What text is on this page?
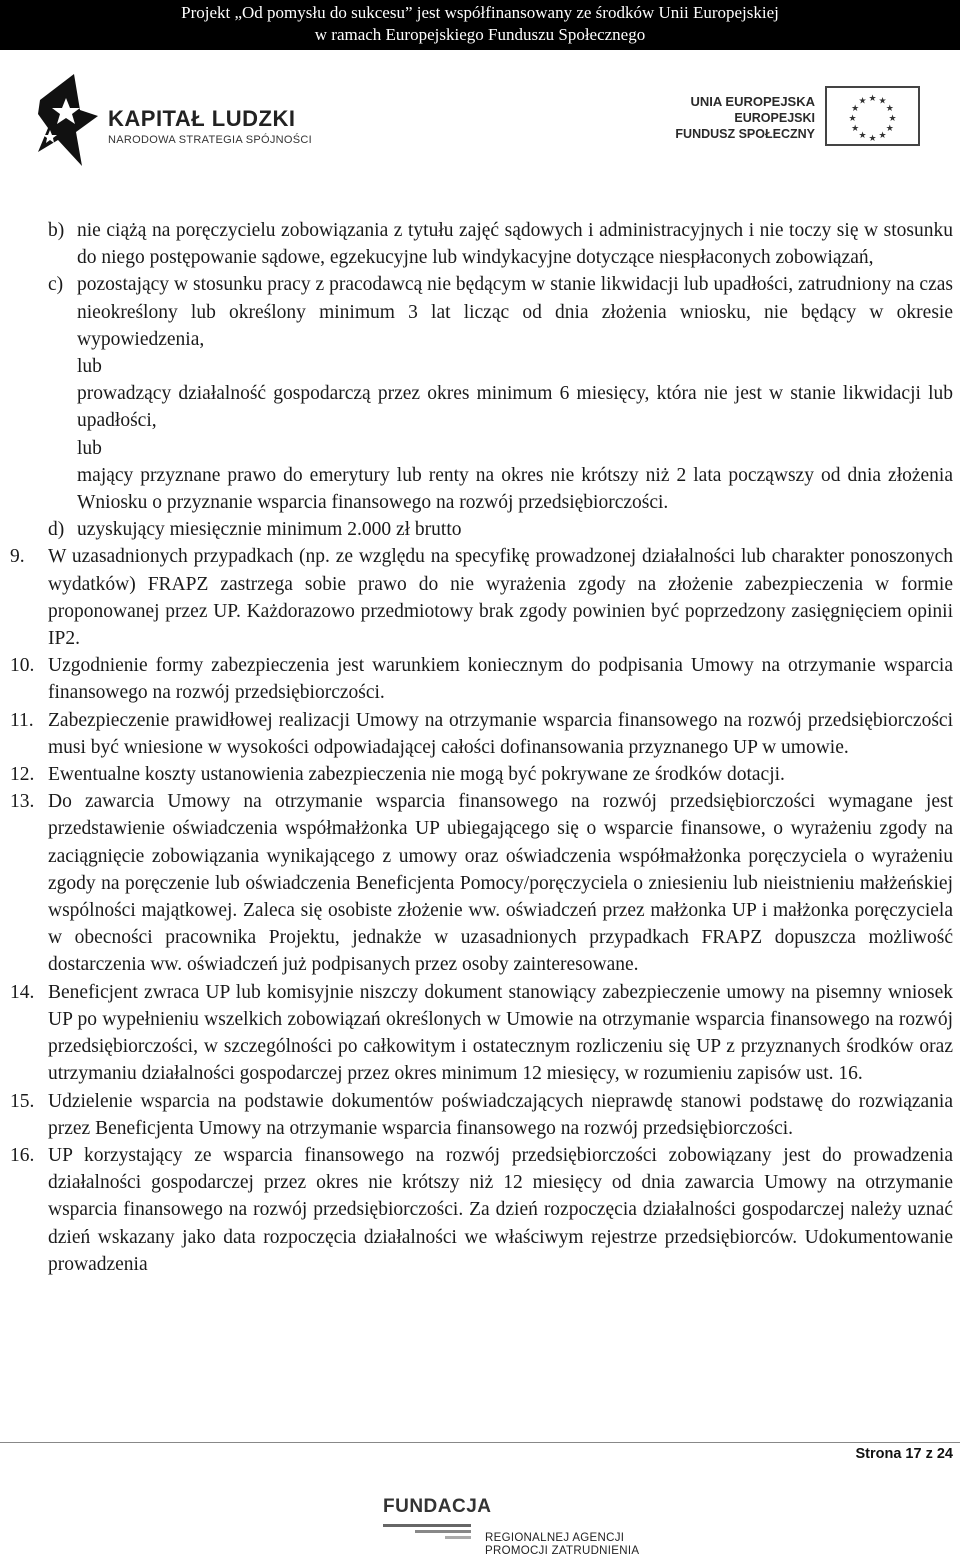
Projekt „Od pomysłu do sukcesu” jest współfinansowany ze środków Unii Europejskiej
w ramach Europejskiego Funduszu Społecznego
KAPITAŁ LUDZKI
NARODOWA STRATEGIA SPÓJNOŚCI
UNIA EUROPEJSKA
EUROPEJSKI
FUNDUSZ SPOŁECZNY
★ ★
★
★
★
★
★
★
★
★
★
★
b) nie ciążą na poręczycielu zobowiązania z tytułu zajęć sądowych i administracyjnych i nie toczy się w stosunku do niego postępowanie sądowe, egzekucyjne lub windykacyjne dotyczące niespłaconych zobowiązań,
c) pozostający w stosunku pracy z pracodawcą nie będącym w stanie likwidacji lub upadłości, zatrudniony na czas nieokreślony lub określony minimum 3 lat licząc od dnia złożenia wniosku, nie będący w okresie wypowiedzenia,
lub
prowadzący działalność gospodarczą przez okres minimum 6 miesięcy, która nie jest w stanie likwidacji lub upadłości,
lub
mający przyznane prawo do emerytury lub renty na okres nie krótszy niż 2 lata począwszy od dnia złożenia Wniosku o przyznanie wsparcia finansowego na rozwój przedsiębiorczości.
d) uzyskujący miesięcznie minimum 2.000 zł brutto
9. W uzasadnionych przypadkach (np. ze względu na specyfikę prowadzonej działalności lub charakter ponoszonych wydatków) FRAPZ zastrzega sobie prawo do nie wyrażenia zgody na złożenie zabezpieczenia w formie proponowanej przez UP. Każdorazowo przedmiotowy brak zgody powinien być poprzedzony zasięgnięciem opinii IP2.
10. Uzgodnienie formy zabezpieczenia jest warunkiem koniecznym do podpisania Umowy na otrzymanie wsparcia finansowego na rozwój przedsiębiorczości.
11. Zabezpieczenie prawidłowej realizacji Umowy na otrzymanie wsparcia finansowego na rozwój przedsiębiorczości musi być wniesione w wysokości odpowiadającej całości dofinansowania przyznanego UP w umowie.
12. Ewentualne koszty ustanowienia zabezpieczenia nie mogą być pokrywane ze środków dotacji.
13. Do zawarcia Umowy na otrzymanie wsparcia finansowego na rozwój przedsiębiorczości wymagane jest przedstawienie oświadczenia współmałżonka UP ubiegającego się o wsparcie finansowe, o wyrażeniu zgody na zaciągnięcie zobowiązania wynikającego z umowy oraz oświadczenia współmałżonka poręczyciela o wyrażeniu zgody na poręczenie lub oświadczenia Beneficjenta Pomocy/poręczyciela o zniesieniu lub nieistnieniu małżeńskiej wspólności majątkowej. Zaleca się osobiste złożenie ww. oświadczeń przez małżonka UP i małżonka poręczyciela w obecności pracownika Projektu, jednakże w uzasadnionych przypadkach FRAPZ dopuszcza możliwość dostarczenia ww. oświadczeń już podpisanych przez osoby zainteresowane.
14. Beneficjent zwraca UP lub komisyjnie niszczy dokument stanowiący zabezpieczenie umowy na pisemny wniosek UP po wypełnieniu wszelkich zobowiązań określonych w Umowie na otrzymanie wsparcia finansowego na rozwój przedsiębiorczości, w szczególności po całkowitym i ostatecznym rozliczeniu się UP z przyznanych środków oraz utrzymaniu działalności gospodarczej przez okres minimum 12 miesięcy, w rozumieniu zapisów ust. 16.
15. Udzielenie wsparcia na podstawie dokumentów poświadczających nieprawdę stanowi podstawę do rozwiązania przez Beneficjenta Umowy na otrzymanie wsparcia finansowego na rozwój przedsiębiorczości.
16. UP korzystający ze wsparcia finansowego na rozwój przedsiębiorczości zobowiązany jest do prowadzenia działalności gospodarczej przez okres nie krótszy niż 12 miesięcy od dnia zawarcia Umowy na otrzymanie wsparcia finansowego na rozwój przedsiębiorczości. Za dzień rozpoczęcia działalności gospodarczej należy uznać dzień wskazany jako data rozpoczęcia działalności we właściwym rejestrze przedsiębiorców. Udokumentowanie prowadzenia
Strona 17 z 24
FUNDACJA
REGIONALNEJ AGENCJI
PROMOCJI ZATRUDNIENIA
